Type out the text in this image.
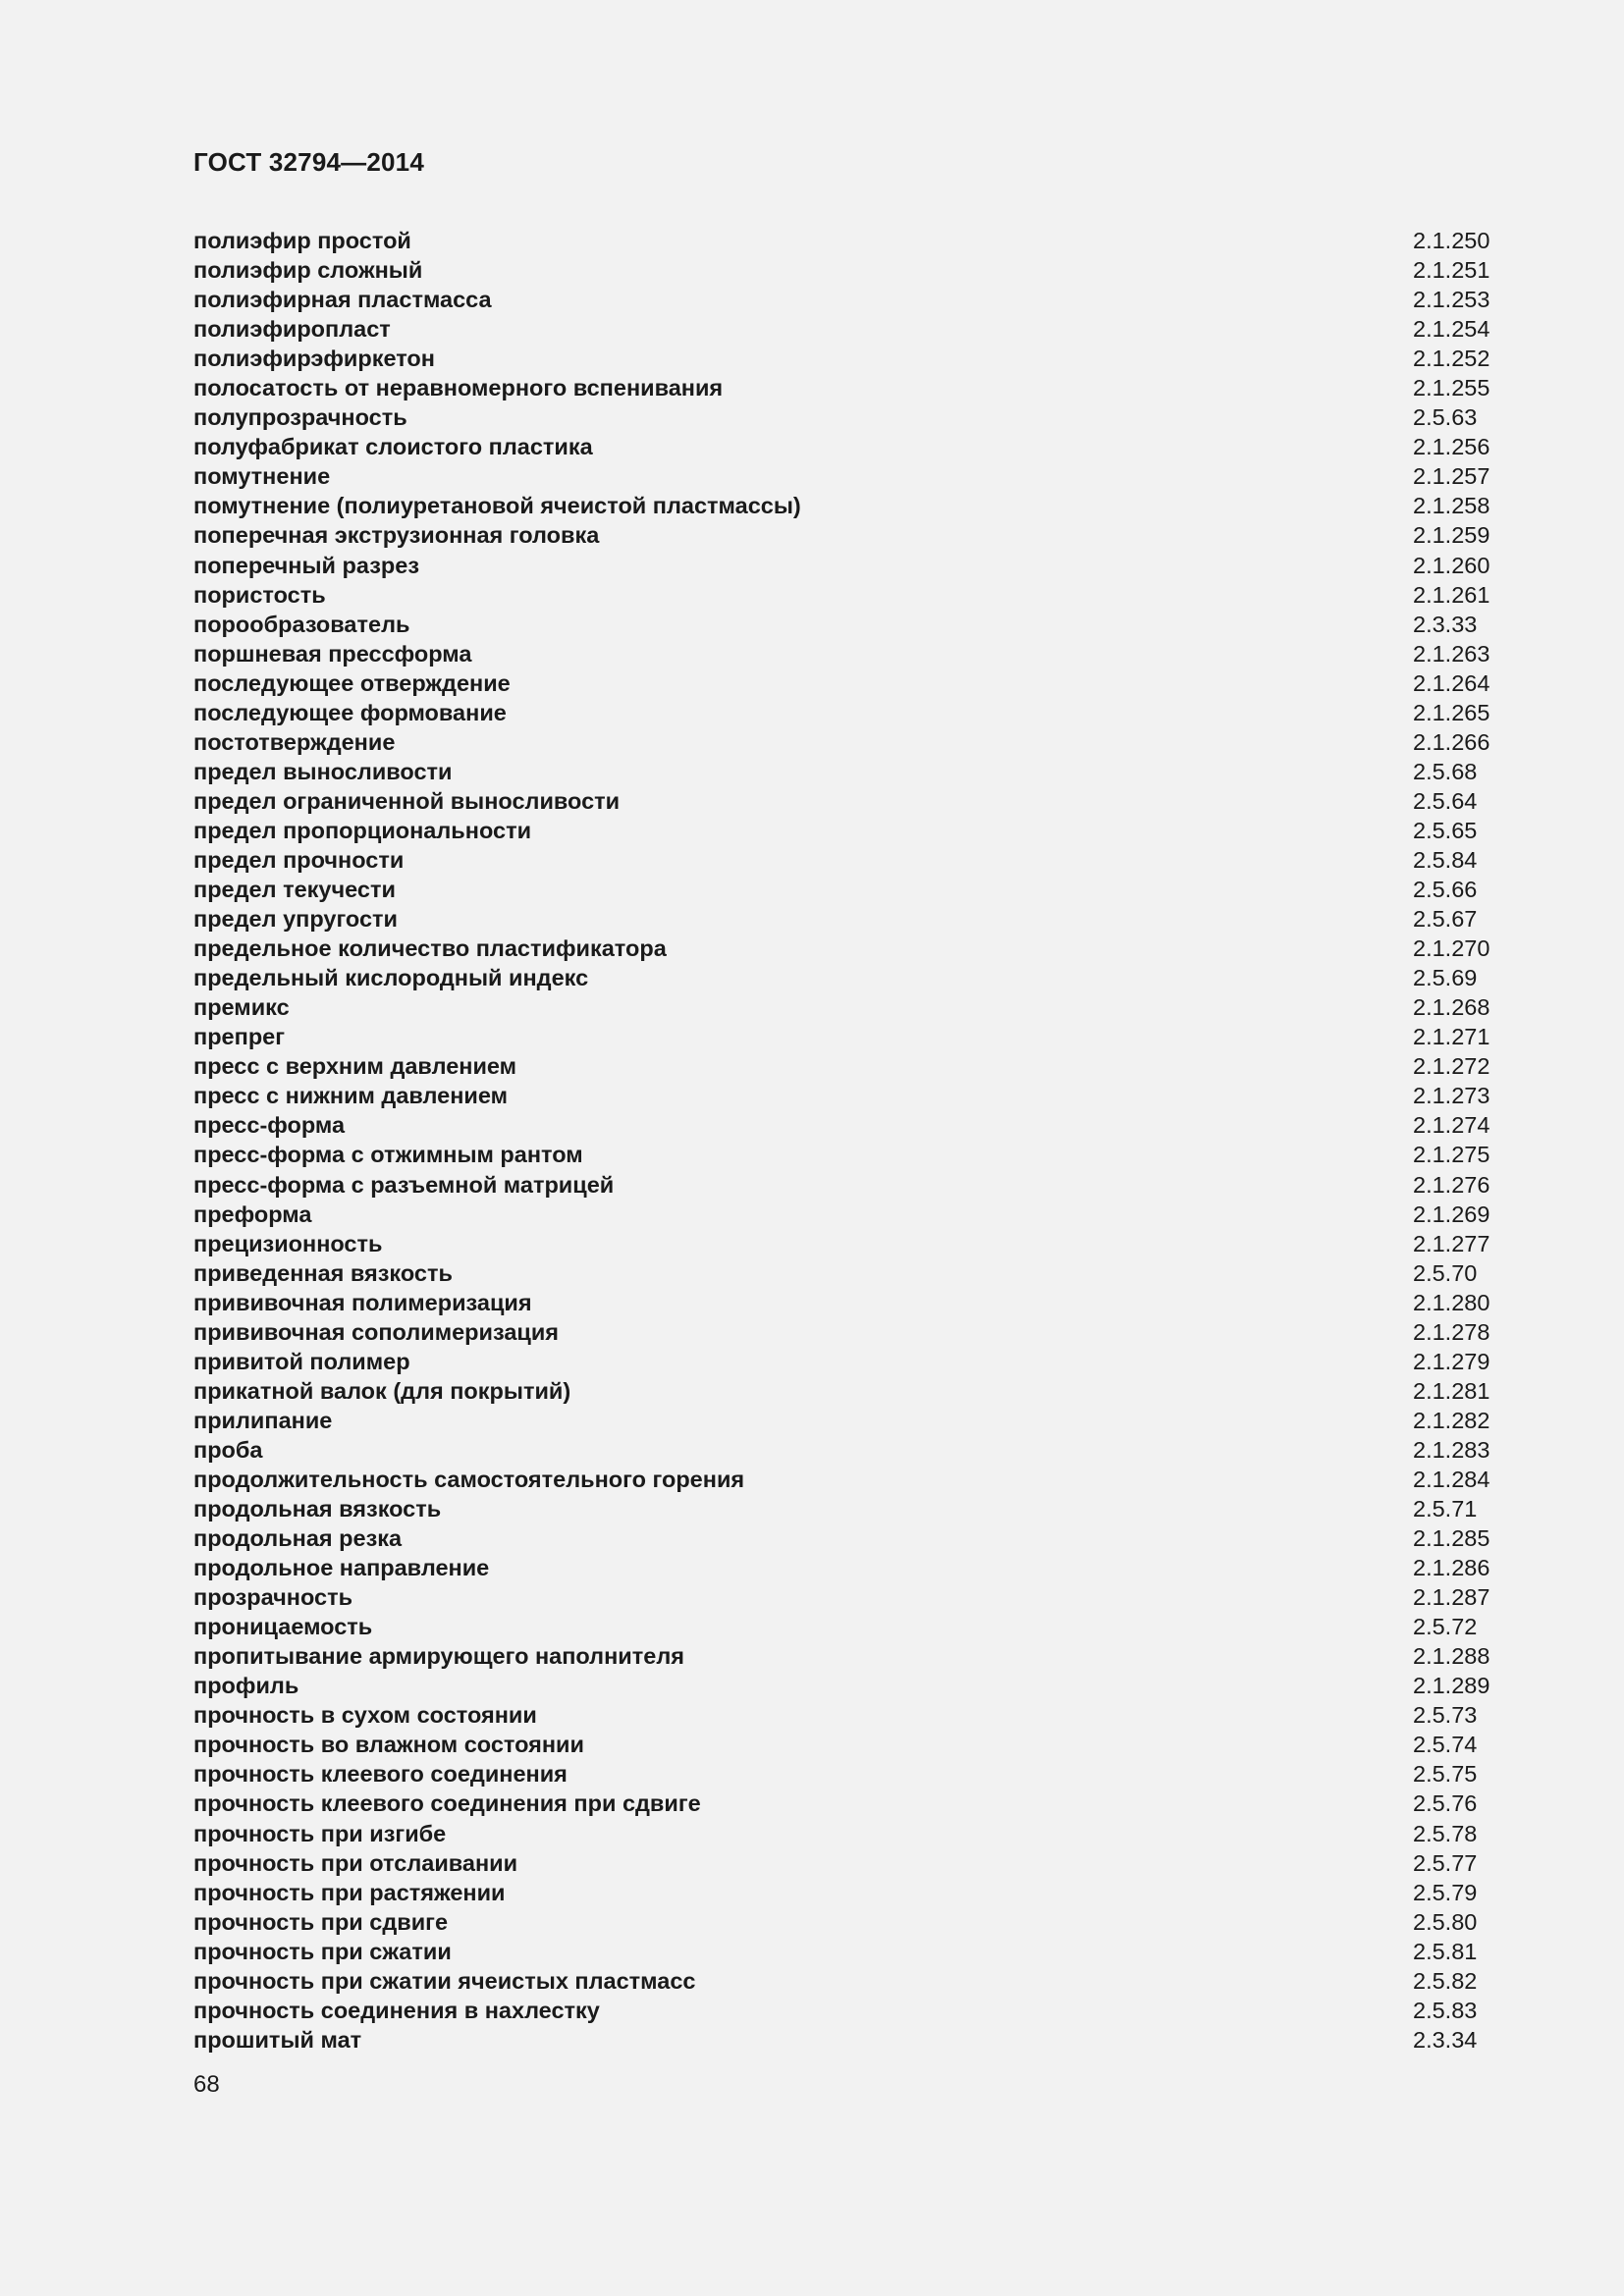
ГОСТ 32794—2014
полиэфир простой	2.1.250
полиэфир сложный	2.1.251
полиэфирная пластмасса	2.1.253
полиэфиропласт	2.1.254
полиэфирэфиркетон	2.1.252
полосатость от неравномерного вспенивания	2.1.255
полупрозрачность	2.5.63
полуфабрикат слоистого пластика	2.1.256
помутнение	2.1.257
помутнение (полиуретановой ячеистой пластмассы)	2.1.258
поперечная экструзионная головка	2.1.259
поперечный разрез	2.1.260
пористость	2.1.261
порообразователь	2.3.33
поршневая прессформа	2.1.263
последующее отверждение	2.1.264
последующее формование	2.1.265
постотверждение	2.1.266
предел выносливости	2.5.68
предел ограниченной выносливости	2.5.64
предел пропорциональности	2.5.65
предел прочности	2.5.84
предел текучести	2.5.66
предел упругости	2.5.67
предельное количество пластификатора	2.1.270
предельный кислородный индекс	2.5.69
премикс	2.1.268
препрег	2.1.271
пресс с верхним давлением	2.1.272
пресс с нижним давлением	2.1.273
пресс-форма	2.1.274
пресс-форма с отжимным рантом	2.1.275
пресс-форма с разъемной матрицей	2.1.276
преформа	2.1.269
прецизионность	2.1.277
приведенная вязкость	2.5.70
прививочная полимеризация	2.1.280
прививочная сополимеризация	2.1.278
привитой полимер	2.1.279
прикатной валок (для покрытий)	2.1.281
прилипание	2.1.282
проба	2.1.283
продолжительность самостоятельного горения	2.1.284
продольная вязкость	2.5.71
продольная резка	2.1.285
продольное направление	2.1.286
прозрачность	2.1.287
проницаемость	2.5.72
пропитывание армирующего наполнителя	2.1.288
профиль	2.1.289
прочность в сухом состоянии	2.5.73
прочность во влажном состоянии	2.5.74
прочность клеевого соединения	2.5.75
прочность клеевого соединения при сдвиге	2.5.76
прочность при изгибе	2.5.78
прочность при отслаивании	2.5.77
прочность при растяжении	2.5.79
прочность при сдвиге	2.5.80
прочность при сжатии	2.5.81
прочность при сжатии ячеистых пластмасс	2.5.82
прочность соединения в нахлестку	2.5.83
прошитый мат	2.3.34
68
